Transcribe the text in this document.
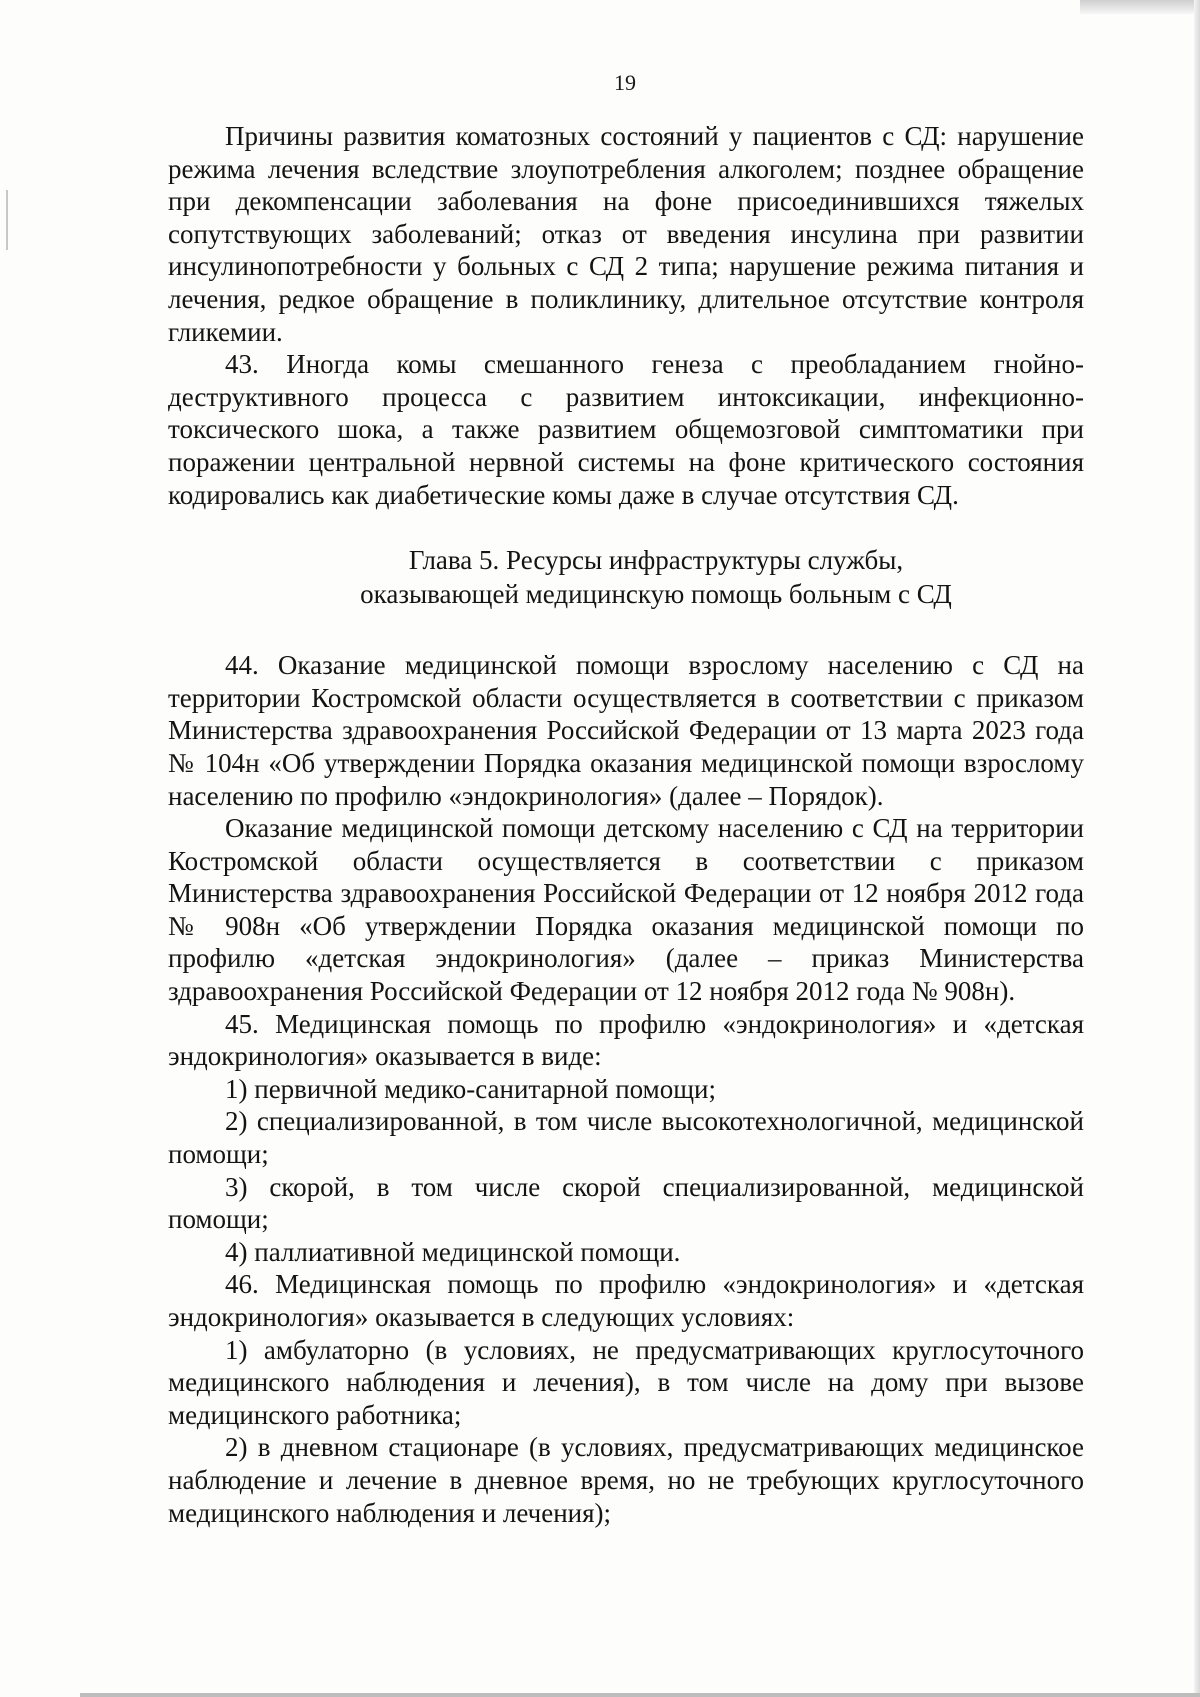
19

Причины развития коматозных состояний у пациентов с СД: нарушение режима лечения вследствие злоупотребления алкоголем; позднее обращение при декомпенсации заболевания на фоне присоединившихся тяжелых сопутствующих заболеваний; отказ от введения инсулина при развитии инсулинопотребности у больных с СД 2 типа; нарушение режима питания и лечения, редкое обращение в поликлинику, длительное отсутствие контроля гликемии.

43. Иногда комы смешанного генеза с преобладанием гнойно-деструктивного процесса с развитием интоксикации, инфекционно-токсического шока, а также развитием общемозговой симптоматики при поражении центральной нервной системы на фоне критического состояния кодировались как диабетические комы даже в случае отсутствия СД.

Глава 5. Ресурсы инфраструктуры службы,
оказывающей медицинскую помощь больным с СД

44. Оказание медицинской помощи взрослому населению с СД на территории Костромской области осуществляется в соответствии с приказом Министерства здравоохранения Российской Федерации от 13 марта 2023 года № 104н «Об утверждении Порядка оказания медицинской помощи взрослому населению по профилю «эндокринология» (далее – Порядок).

Оказание медицинской помощи детскому населению с СД на территории Костромской области осуществляется в соответствии с приказом Министерства здравоохранения Российской Федерации от 12 ноября 2012 года № 908н «Об утверждении Порядка оказания медицинской помощи по профилю «детская эндокринология» (далее – приказ Министерства здравоохранения Российской Федерации от 12 ноября 2012 года № 908н).

45. Медицинская помощь по профилю «эндокринология» и «детская эндокринология» оказывается в виде:

1) первичной медико-санитарной помощи;

2) специализированной, в том числе высокотехнологичной, медицинской помощи;

3) скорой, в том числе скорой специализированной, медицинской помощи;

4) паллиативной медицинской помощи.

46. Медицинская помощь по профилю «эндокринология» и «детская эндокринология» оказывается в следующих условиях:

1) амбулаторно (в условиях, не предусматривающих круглосуточного медицинского наблюдения и лечения), в том числе на дому при вызове медицинского работника;

2) в дневном стационаре (в условиях, предусматривающих медицинское наблюдение и лечение в дневное время, но не требующих круглосуточного медицинского наблюдения и лечения);
